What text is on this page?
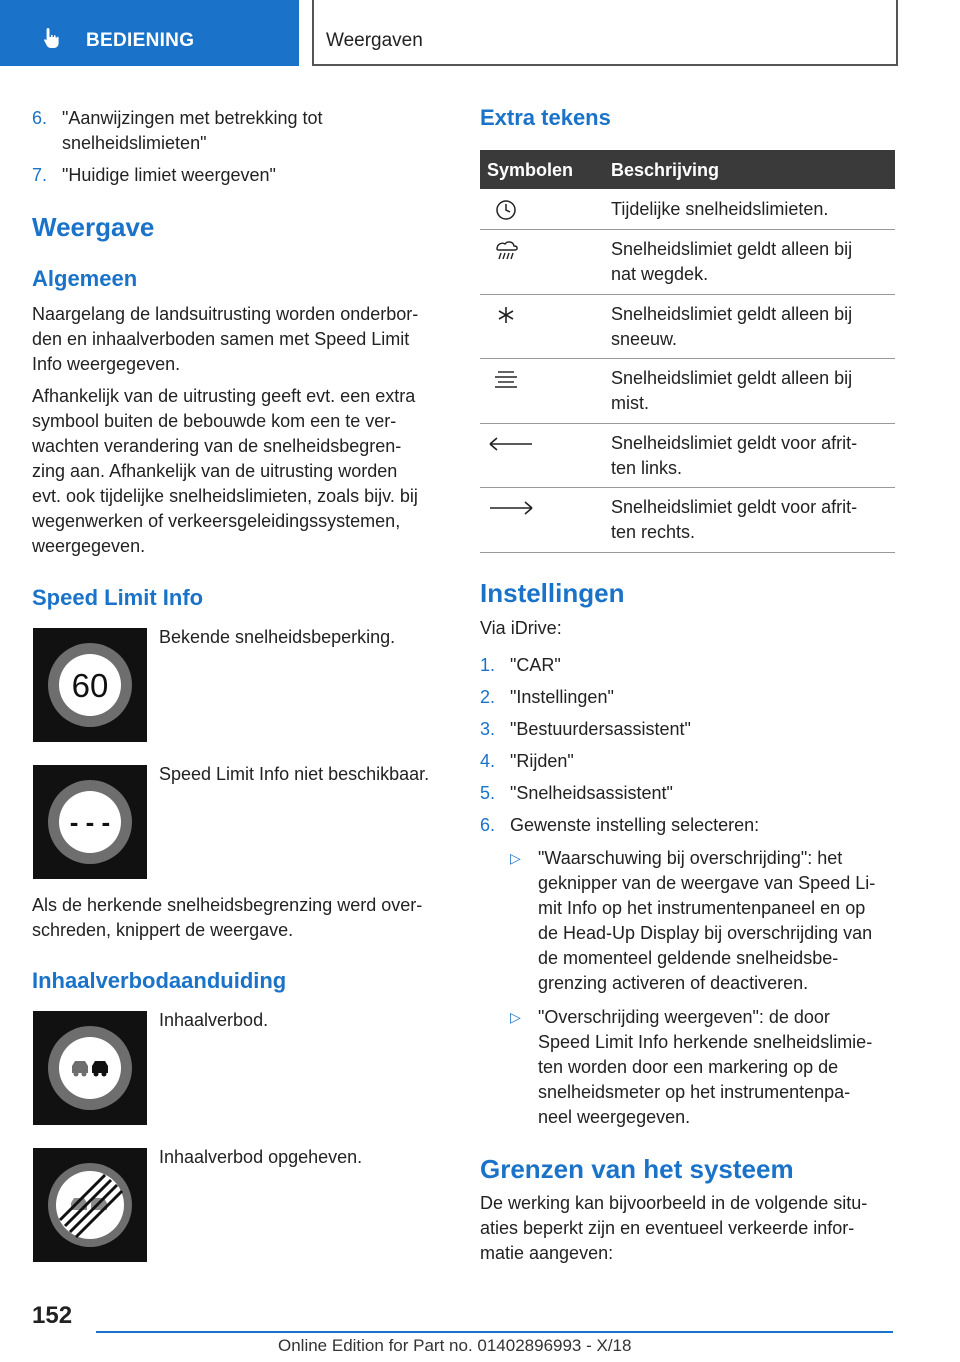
BEDIENING	Weergaven
6. "Aanwijzingen met betrekking tot
snelheidslimieten"
7. "Huidige limiet weergeven"
Weergave
Algemeen
Naargelang de landsuitrusting worden onderbor-
den en inhaalverboden samen met Speed Limit
Info weergegeven.
Afhankelijk van de uitrusting geeft evt. een extra
symbool buiten de bebouwde kom een te ver-
wachten verandering van de snelheidsbegren-
zing aan. Afhankelijk van de uitrusting worden
evt. ook tijdelijke snelheidslimieten, zoals bijv. bij
wegenwerken of verkeersgeleidingssystemen,
weergegeven.
Speed Limit Info
60
Bekende snelheidsbeperking.
- - -
Speed Limit Info niet beschikbaar.
Als de herkende snelheidsbegrenzing werd over-
schreden, knippert de weergave.
Inhaalverbodaanduiding
Inhaalverbod.
Inhaalverbod opgeheven.
Extra tekens
Symbolen Beschrijving
Tijdelijke snelheidslimieten.
Snelheidslimiet geldt alleen bij
nat wegdek.
Snelheidslimiet geldt alleen bij
sneeuw.
Snelheidslimiet geldt alleen bij
mist.
Snelheidslimiet geldt voor afrit-
ten links.
Snelheidslimiet geldt voor afrit-
ten rechts.
Instellingen
Via iDrive:
1. "CAR"
2. "Instellingen"
3. "Bestuurdersassistent"
4. "Rijden"
5. "Snelheidsassistent"
6. Gewenste instelling selecteren:
▷ "Waarschuwing bij overschrijding": het
geknipper van de weergave van Speed Li-
mit Info op het instrumentenpaneel en op
de Head-Up Display bij overschrijding van
de momenteel geldende snelheidsbe-
grenzing activeren of deactiveren.
▷ "Overschrijding weergeven": de door
Speed Limit Info herkende snelheidslimie-
ten worden door een markering op de
snelheidsmeter op het instrumentenpa-
neel weergegeven.
Grenzen van het systeem
De werking kan bijvoorbeeld in de volgende situ-
aties beperkt zijn en eventueel verkeerde infor-
matie aangeven:
152
Online Edition for Part no. 01402896993 - X/18
